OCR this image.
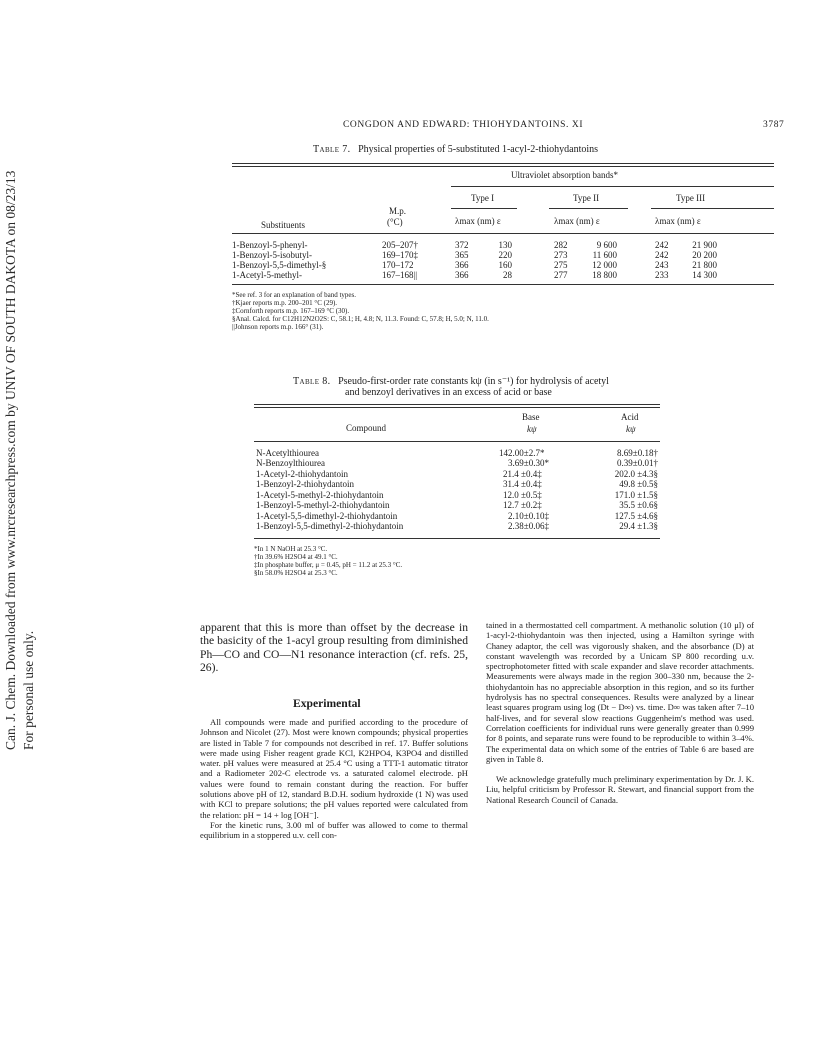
Can. J. Chem. Downloaded from www.nrcresearchpress.com by UNIV OF SOUTH DAKOTA on 08/23/13 For personal use only.
CONGDON AND EDWARD: THIOHYDANTOINS. XI	3787
Table 7. Physical properties of 5-substituted 1-acyl-2-thiohydantoins
Ultraviolet absorption bands*
Type I	Type II	Type III
M.p.
(°C)
Substituents	λmax (nm) ε	λmax (nm) ε	λmax (nm) ε
1-Benzoyl-5-phenyl-	205–207†	372	130	282	9 600	242	21 900
1-Benzoyl-5-isobutyl-	169–170‡	365	220	273	11 600	242	20 200
1-Benzoyl-5,5-dimethyl-§	170–172	366	160	275	12 000	243	21 800
1-Acetyl-5-methyl-	167–168||	366	28	277	18 800	233	14 300
*See ref. 3 for an explanation of band types.
†Kjaer reports m.p. 200–201 °C (29).
‡Cornforth reports m.p. 167–169 °C (30).
§Anal. Calcd. for C12H12N2O2S: C, 58.1; H, 4.8; N, 11.3. Found: C, 57.8; H, 5.0; N, 11.0.
||Johnson reports m.p. 166° (31).
Table 8. Pseudo-first-order rate constants kψ (in s⁻¹) for hydrolysis of acetyl
and benzoyl derivatives in an excess of acid or base
Base	Acid
Compound	kψ	kψ
N-Acetylthiourea	142.00±2.7*	8.69±0.18†
N-Benzoylthiourea	3.69±0.30*	0.39±0.01†
1-Acetyl-2-thiohydantoin	21.4 ±0.4‡	202.0 ±4.3§
1-Benzoyl-2-thiohydantoin	31.4 ±0.4‡	49.8 ±0.5§
1-Acetyl-5-methyl-2-thiohydantoin	12.0 ±0.5‡	171.0 ±1.5§
1-Benzoyl-5-methyl-2-thiohydantoin	12.7 ±0.2‡	35.5 ±0.6§
1-Acetyl-5,5-dimethyl-2-thiohydantoin	2.10±0.10‡	127.5 ±4.6§
1-Benzoyl-5,5-dimethyl-2-thiohydantoin	2.38±0.06‡	29.4 ±1.3§
*In 1 N NaOH at 25.3 °C.
†In 39.6% H2SO4 at 49.1 °C.
‡In phosphate buffer, μ = 0.45, pH = 11.2 at 25.3 °C.
§In 58.0% H2SO4 at 25.3 °C.
apparent that this is more than offset by the decrease in the basicity of the 1-acyl group resulting from diminished Ph—CO and CO—N1 resonance interaction (cf. refs. 25, 26).
Experimental

All compounds were made and purified according to the procedure of Johnson and Nicolet (27). Most were known compounds; physical properties are listed in Table 7 for compounds not described in ref. 17. Buffer solutions were made using Fisher reagent grade KCl, K2HPO4, K3PO4 and distilled water. pH values were measured at 25.4 °C using a TTT-1 automatic titrator and a Radiometer 202-C electrode vs. a saturated calomel electrode. pH values were found to remain constant during the reaction. For buffer solutions above pH of 12, standard B.D.H. sodium hydroxide (1 N) was used with KCl to prepare solutions; the pH values reported were calculated from the relation: pH = 14 + log [OH⁻].

For the kinetic runs, 3.00 ml of buffer was allowed to come to thermal equilibrium in a stoppered u.v. cell con-

tained in a thermostatted cell compartment. A methanolic solution (10 μl) of 1-acyl-2-thiohydantoin was then injected, using a Hamilton syringe with Chaney adaptor, the cell was vigorously shaken, and the absorbance (D) at constant wavelength was recorded by a Unicam SP 800 recording u.v. spectrophotometer fitted with scale expander and slave recorder attachments. Measurements were always made in the region 300–330 nm, because the 2-thiohydantoin has no appreciable absorption in this region, and so its further hydrolysis has no spectral consequences. Results were analyzed by a linear least squares program using log (Dt − D∞) vs. time. D∞ was taken after 7–10 half-lives, and for several slow reactions Guggenheim's method was used. Correlation coefficients for individual runs were generally greater than 0.999 for 8 points, and separate runs were found to be reproducible to within 3–4%. The experimental data on which some of the entries of Table 6 are based are given in Table 8.

We acknowledge gratefully much preliminary experimentation by Dr. J. K. Liu, helpful criticism by Professor R. Stewart, and financial support from the National Research Council of Canada.
